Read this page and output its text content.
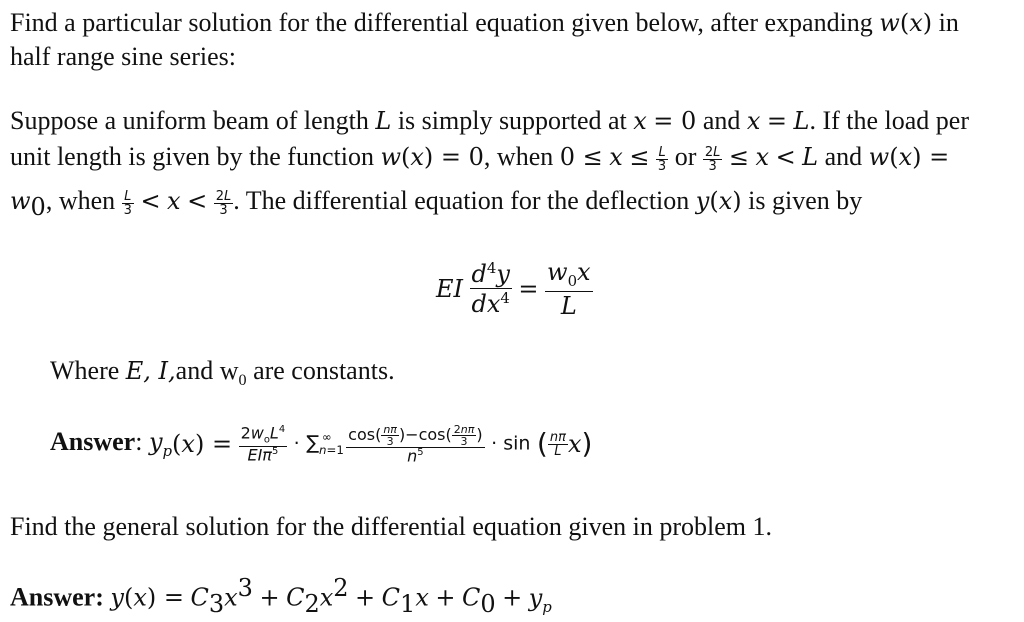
Find a particular solution for the differential equation given below, after expanding w(x) in
half range sine series:
Suppose a uniform beam of length L is simply supported at x = 0 and x = L. If the load per
unit length is given by the function w(x) = 0, when $0 \le x \le \frac{L}{3}$ or $\frac{2L}{3} \le x < L$ and w(x) =
$w_0$, when $\frac{L}{3} < x < \frac{2L}{3}$ . The differential equation for the deflection y(x) is given by
EI $\frac{d^4y}{dx^4} = \frac{w_0x}{L}$
Where E, I,and $w_0$ are constants.
Answer: $y_p(x) = \frac{2w_oL^4}{EI\pi^5} \cdot \sum_{n=1}^\infty \frac{\cos( \frac{n\pi}{3} )-\cos( \frac{2n\pi}{3} )}{n^5} \cdot \sin$ ( $\frac{n\pi}{L} x$)
Find the general solution for the differential equation given in problem 1.
Answer: $y(x) = C_3x^3 + C_2x^2 + C_1x + C_0 + y_p$
